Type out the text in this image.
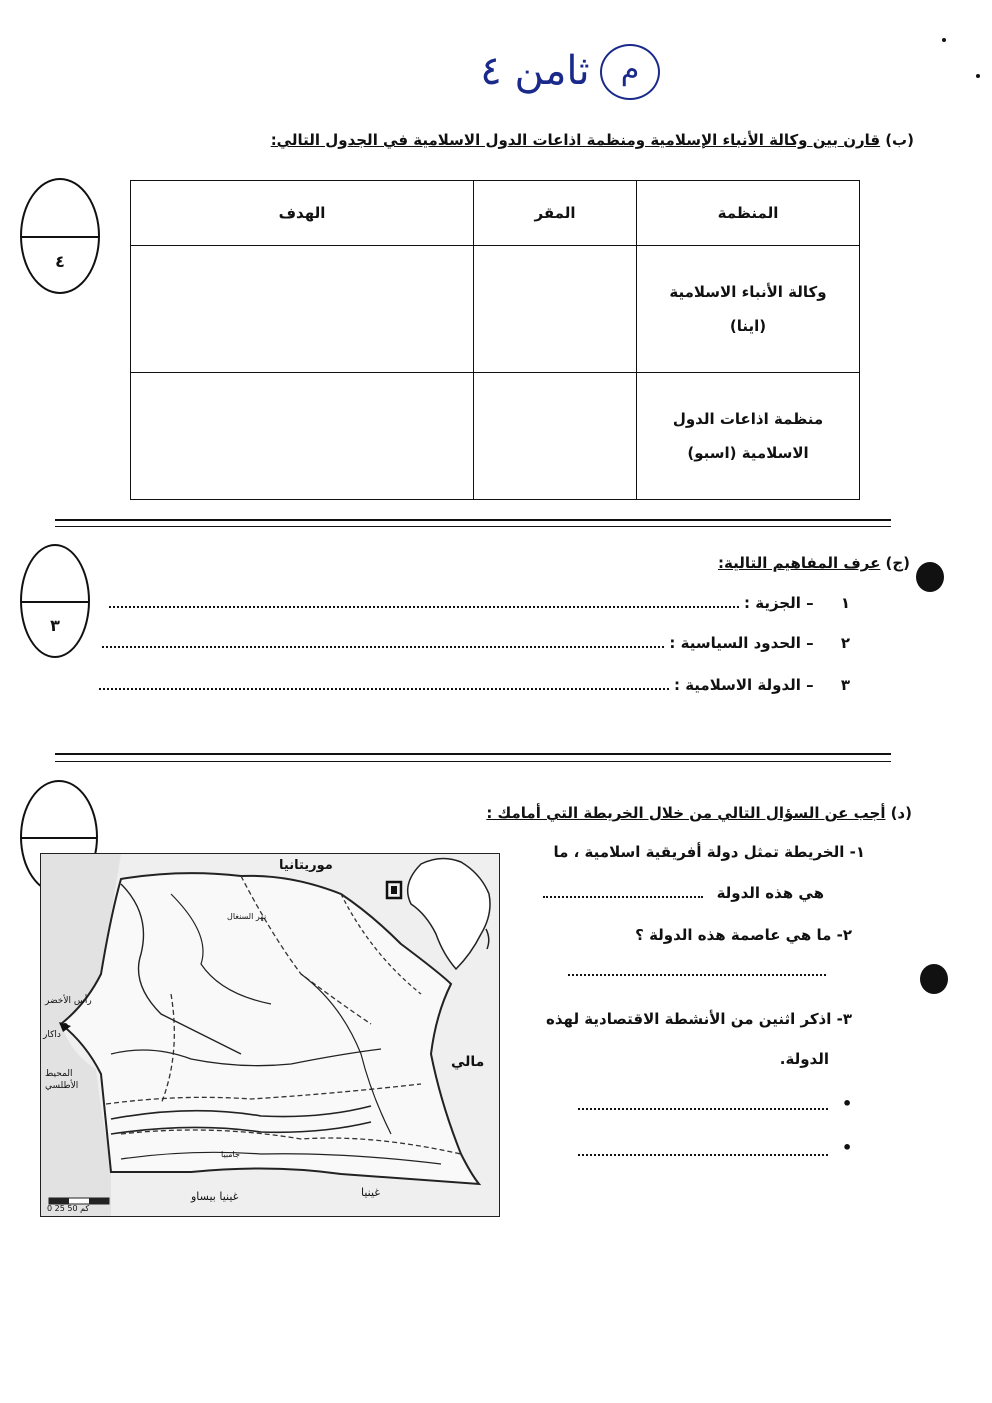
ثامن ٤	م
(ب) قارن بين وكالة الأنباء الإسلامية ومنظمة اذاعات الدول الاسلامية في الجدول التالي:
٤
المنظمة	المقر	الهدف

وكالة الأنباء الاسلامية
(اينا)		

منظمة اذاعات الدول
الاسلامية (اسبو)		

٣
(ج) عرف المفاهيم التالية:
١ – الجزية :
٢ – الحدود السياسية :
٣ – الدولة الاسلامية :
(د) أجب عن السؤال التالي من خلال الخريطة التي أمامك :
١- الخريطة تمثل دولة أفريقية اسلامية ، ما
هي هذه الدولة
٢- ما هي عاصمة هذه الدولة ؟
٣- اذكر اثنين من الأنشطة الاقتصادية لهذه
الدولة.
•
•
موريتانيا
مالي
غينيا
غينيا بيساو
داكار
رأس الأخضر
المحيط الأطلسي
نهر السنغال
جامبيا
0 25 50 كم
